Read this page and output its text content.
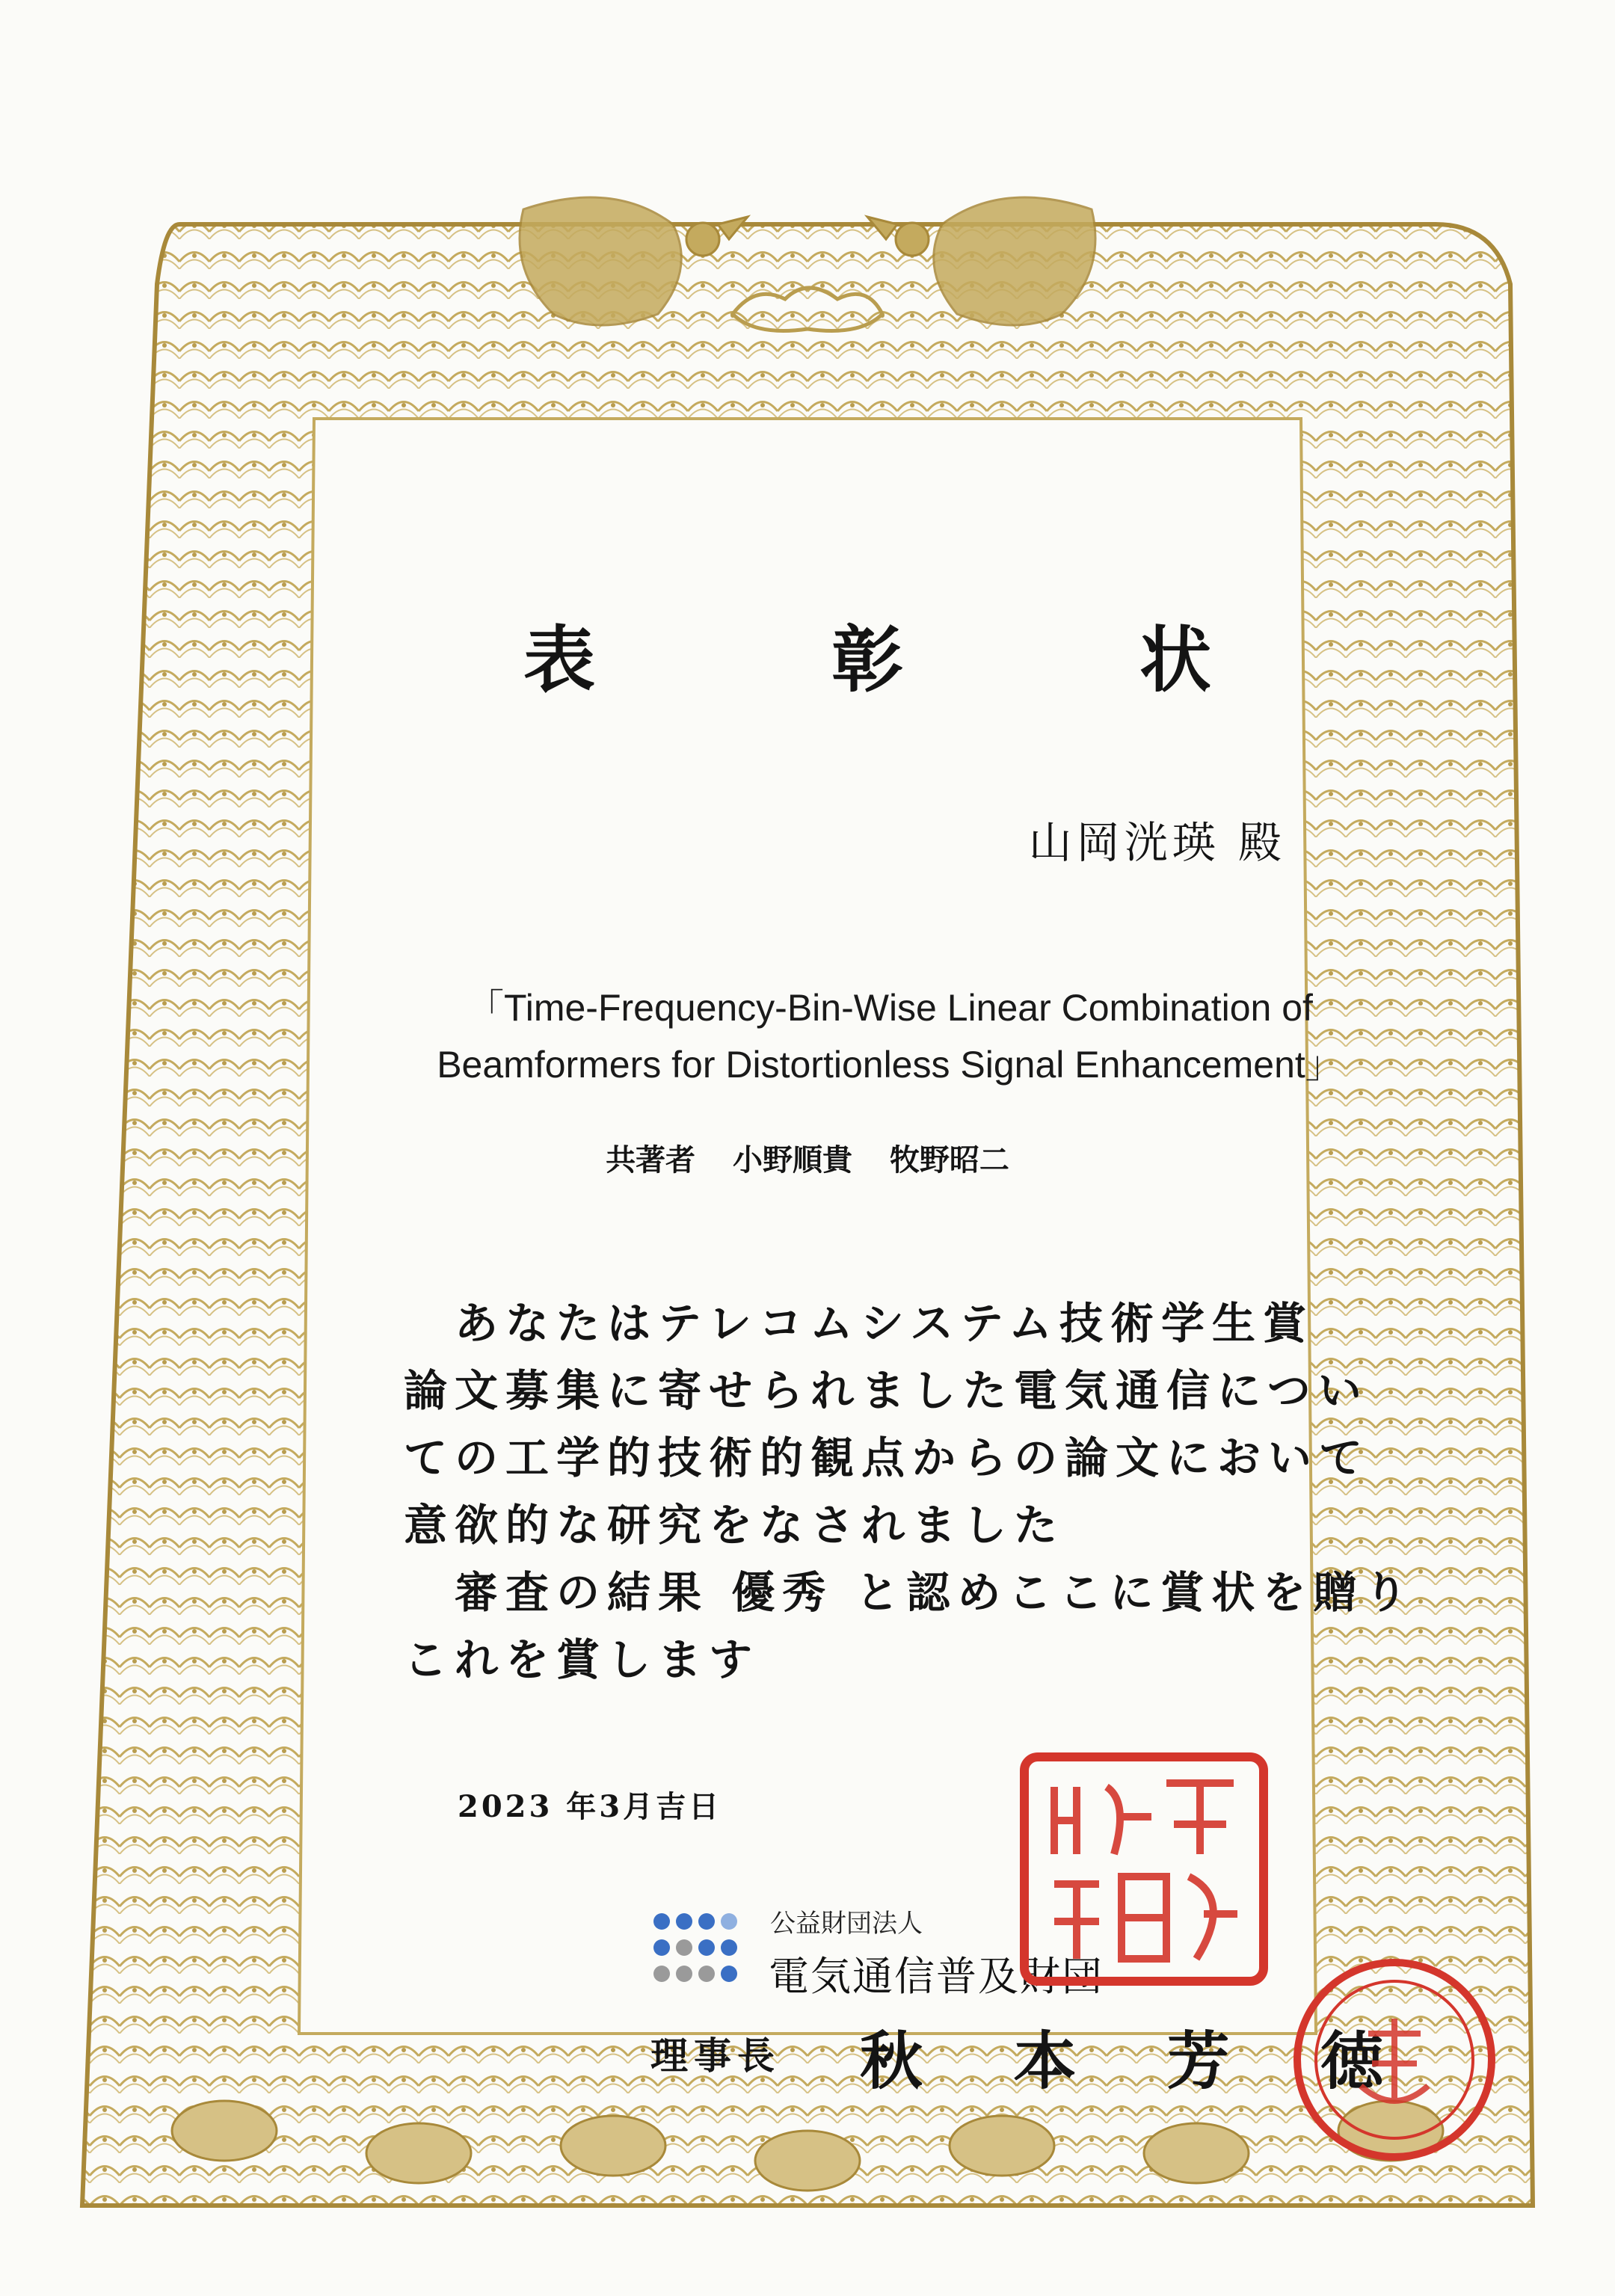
表	彰	状
山岡洸瑛 殿
「Time-Frequency-Bin-Wise Linear Combination of
Beamformers for Distortionless Signal Enhancement」
共著者 小野順貴 牧野昭二
あなたはテレコムシステム技術学生賞
論文募集に寄せられました電気通信につい
ての工学的技術的観点からの論文において
意欲的な研究をなされました
審査の結果 優秀 と認めここに賞状を贈り
これを賞します
2023 年3月吉日
公益財団法人
電気通信普及財団
理事長 秋 本 芳 徳
